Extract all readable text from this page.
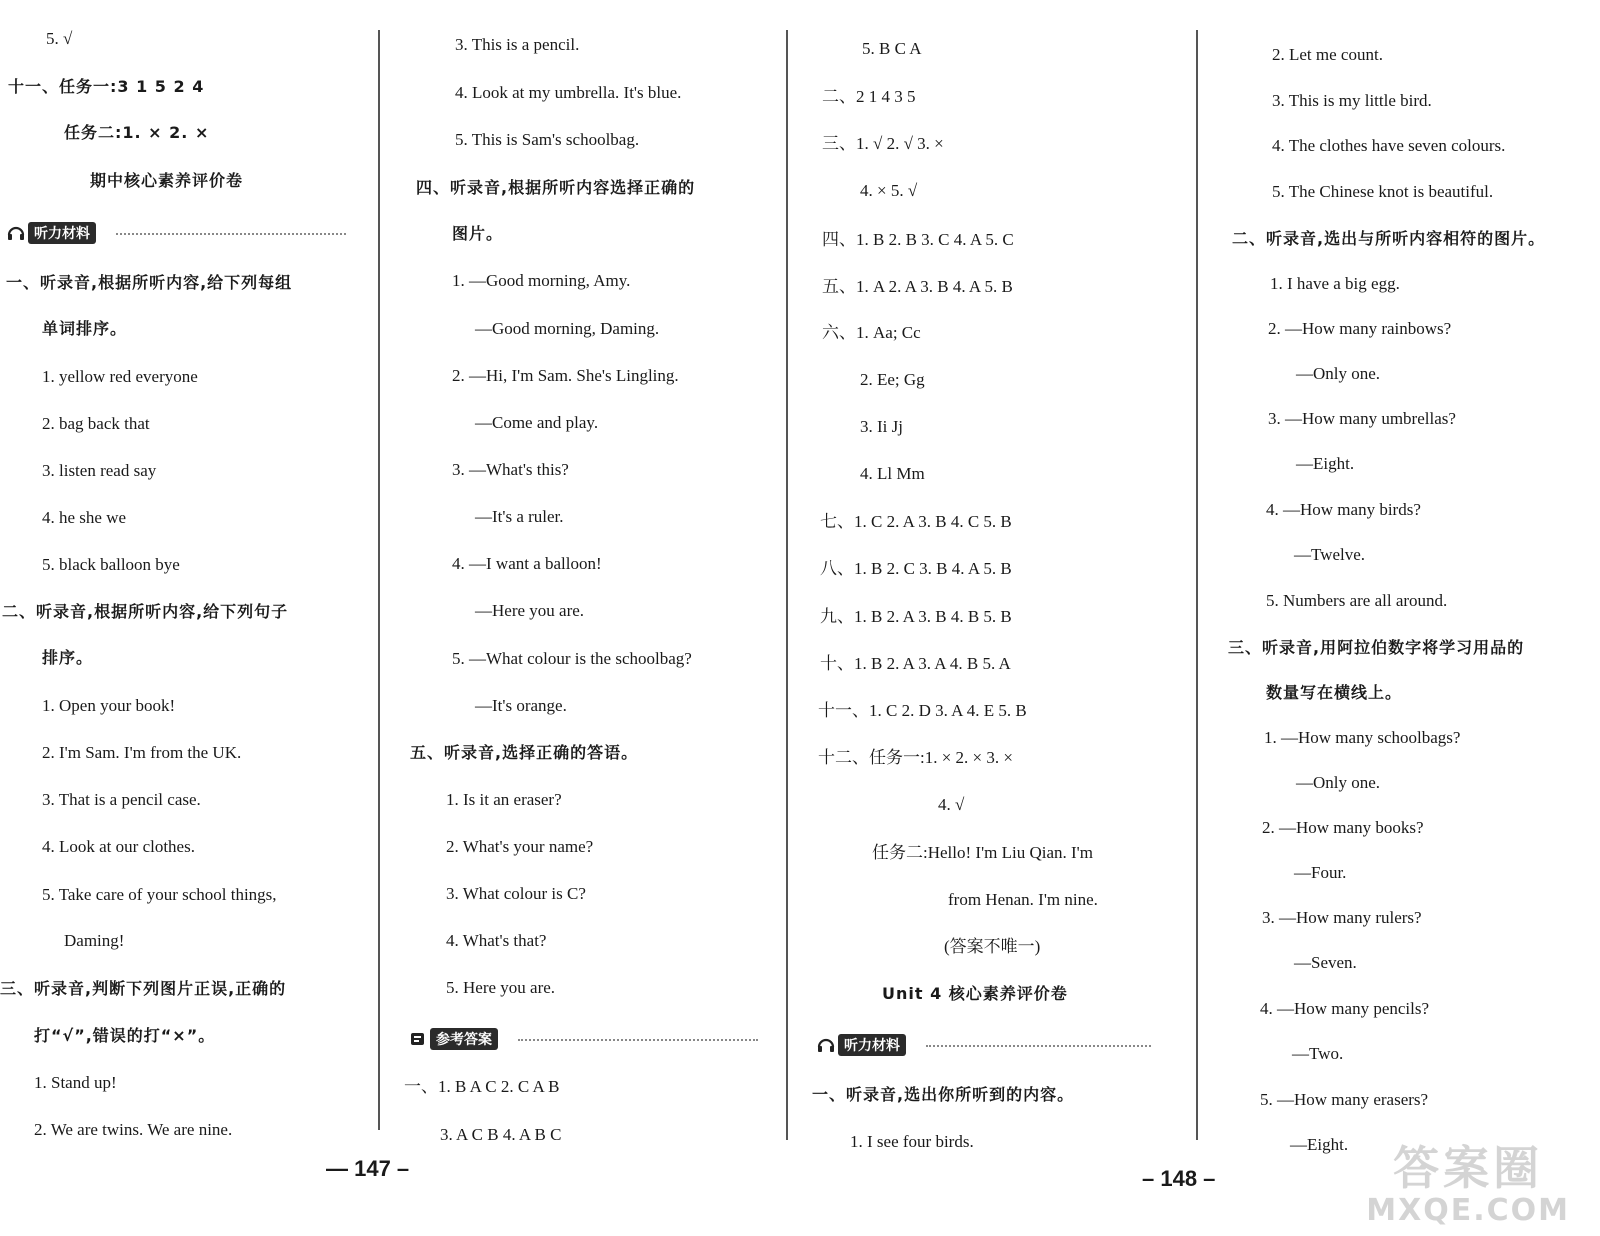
5. √
十一、任务一:3 1 5 2 4
任务二:1. × 2. ×
期中核心素养评价卷
一、听录音,根据所听内容,给下列每组
单词排序。
1. yellow red everyone
2. bag back that
3. listen read say
4. he she we
5. black balloon bye
二、听录音,根据所听内容,给下列句子
排序。
1. Open your book!
2. I'm Sam. I'm from the UK.
3. That is a pencil case.
4. Look at our clothes.
5. Take care of your school things,
Daming!
三、听录音,判断下列图片正误,正确的
打“√”,错误的打“×”。
1. Stand up!
2. We are twins. We are nine.
3. This is a pencil.
4. Look at my umbrella. It's blue.
5. This is Sam's schoolbag.
四、听录音,根据所听内容选择正确的
图片。
1. —Good morning, Amy.
—Good morning, Daming.
2. —Hi, I'm Sam. She's Lingling.
—Come and play.
3. —What's this?
—It's a ruler.
4. —I want a balloon!
—Here you are.
5. —What colour is the schoolbag?
—It's orange.
五、听录音,选择正确的答语。
1. Is it an eraser?
2. What's your name?
3. What colour is C?
4. What's that?
5. Here you are.
一、1. B A C 2. C A B
3. A C B 4. A B C
5. B C A
二、2 1 4 3 5
三、1. √ 2. √ 3. ×
4. × 5. √
四、1. B 2. B 3. C 4. A 5. C
五、1. A 2. A 3. B 4. A 5. B
六、1. Aa; Cc
2. Ee; Gg
3. Ii Jj
4. Ll Mm
七、1. C 2. A 3. B 4. C 5. B
八、1. B 2. C 3. B 4. A 5. B
九、1. B 2. A 3. B 4. B 5. B
十、1. B 2. A 3. A 4. B 5. A
十一、1. C 2. D 3. A 4. E 5. B
十二、任务一:1. × 2. × 3. ×
4. √
任务二:Hello! I'm Liu Qian. I'm
from Henan. I'm nine.
(答案不唯一)
Unit 4 核心素养评价卷
一、听录音,选出你所听到的内容。
1. I see four birds.
2. Let me count.
3. This is my little bird.
4. The clothes have seven colours.
5. The Chinese knot is beautiful.
二、听录音,选出与所听内容相符的图片。
1. I have a big egg.
2. —How many rainbows?
—Only one.
3. —How many umbrellas?
—Eight.
4. —How many birds?
—Twelve.
5. Numbers are all around.
三、听录音,用阿拉伯数字将学习用品的
数量写在横线上。
1. —How many schoolbags?
—Only one.
2. —How many books?
—Four.
3. —How many rulers?
—Seven.
4. —How many pencils?
—Two.
5. —How many erasers?
—Eight.
听力材料
参考答案	听力材料
— 147 –	– 148 –	答案圈
MXQE.COM
